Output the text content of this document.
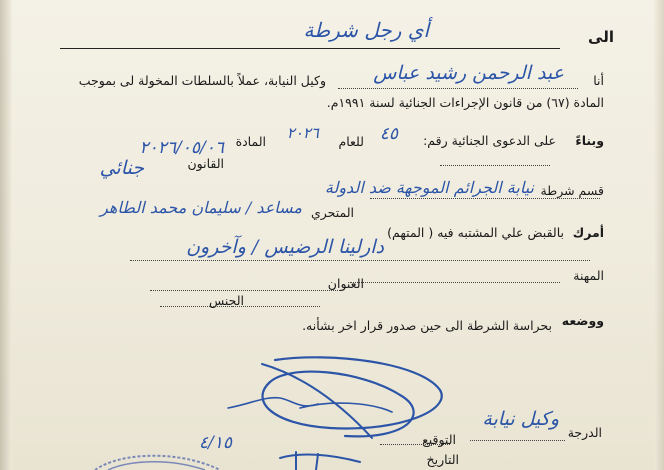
الى
أي رجل شرطة
أنا
عبد الرحمن رشيد عباس
وكيل النيابة، عملاً بالسلطات المخولة لى بموجب
المادة (٦٧) من قانون الإجراءات الجنائية لسنة ١٩٩١م.
وبناءً
على الدعوى الجنائية رقم:
٤٥
للعام
٢٠٢٦
المادة
٢٠٢٦/٠٥/٠٦
القانون
جنائي
قسم شرطة
نيابة الجرائم الموجهة ضد الدولة
المتحري
مساعد / سليمان محمد الطاهر
أمرك
بالقبض علي المشتبه فيه ( المتهم)
دارلينا الرضيس / وآخرون
المهنة
العنوان
الجنس
ووضعه
بحراسة الشرطة الى حين صدور قرار اخر بشأنه.
الدرجة
وكيل نيابة
التوقيع
التاريخ
٤/١٥
